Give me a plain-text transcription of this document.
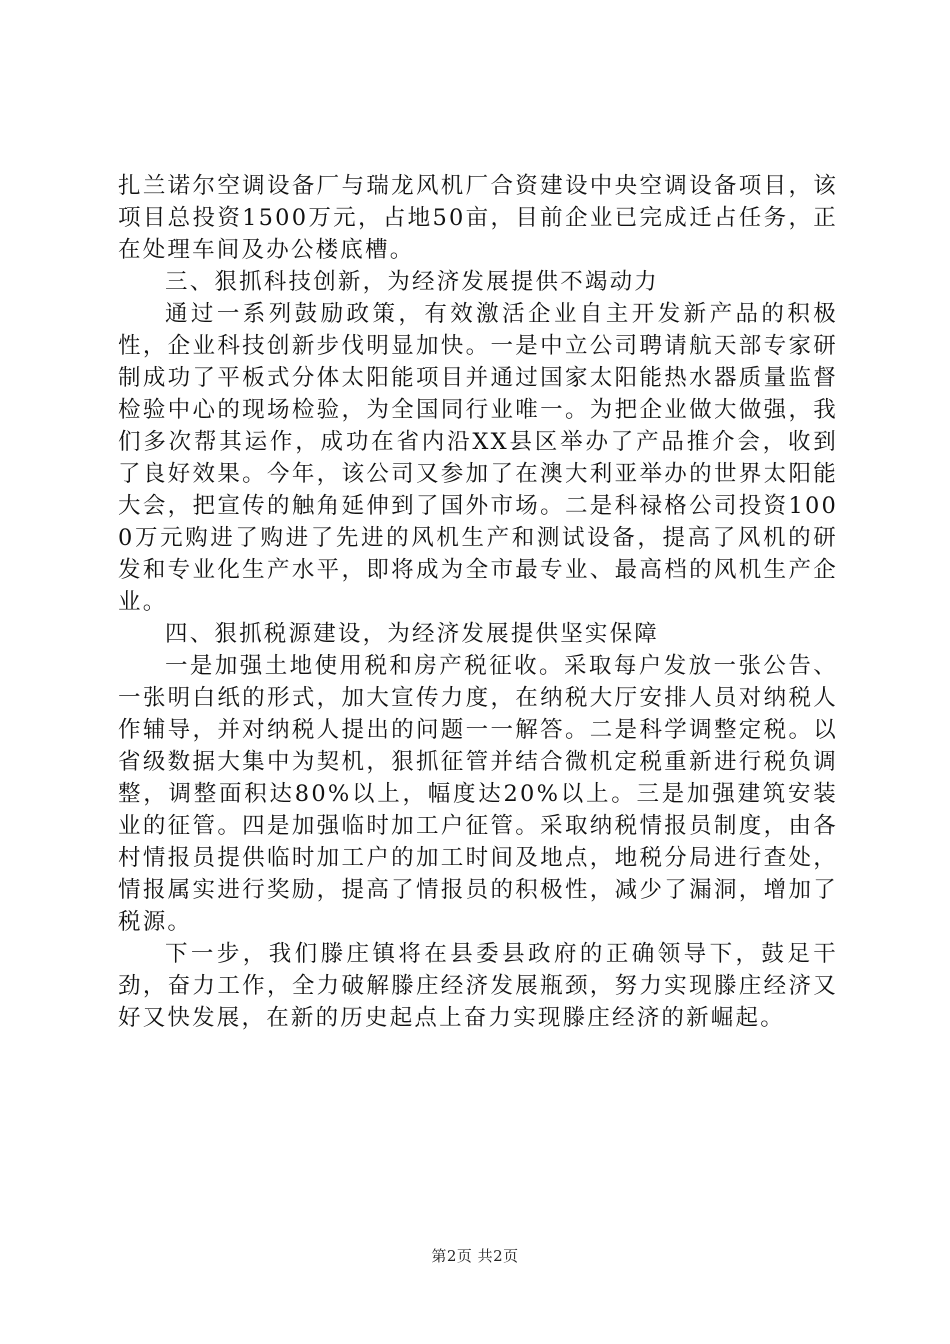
扎兰诺尔空调设备厂与瑞龙风机厂合资建设中央空调设备项目，该项目总投资1500万元，占地50亩，目前企业已完成迁占任务，正在处理车间及办公楼底槽。

三、狠抓科技创新，为经济发展提供不竭动力

通过一系列鼓励政策，有效激活企业自主开发新产品的积极性，企业科技创新步伐明显加快。一是中立公司聘请航天部专家研制成功了平板式分体太阳能项目并通过国家太阳能热水器质量监督检验中心的现场检验，为全国同行业唯一。为把企业做大做强，我们多次帮其运作，成功在省内沿XX县区举办了产品推介会，收到了良好效果。今年，该公司又参加了在澳大利亚举办的世界太阳能大会，把宣传的触角延伸到了国外市场。二是科禄格公司投资1000万元购进了购进了先进的风机生产和测试设备，提高了风机的研发和专业化生产水平，即将成为全市最专业、最高档的风机生产企业。

四、狠抓税源建设，为经济发展提供坚实保障

一是加强土地使用税和房产税征收。采取每户发放一张公告、一张明白纸的形式，加大宣传力度，在纳税大厅安排人员对纳税人作辅导，并对纳税人提出的问题一一解答。二是科学调整定税。以省级数据大集中为契机，狠抓征管并结合微机定税重新进行税负调整，调整面积达80%以上，幅度达20%以上。三是加强建筑安装业的征管。四是加强临时加工户征管。采取纳税情报员制度，由各村情报员提供临时加工户的加工时间及地点，地税分局进行查处，情报属实进行奖励，提高了情报员的积极性，减少了漏洞，增加了税源。

下一步，我们滕庄镇将在县委县政府的正确领导下，鼓足干劲，奋力工作，全力破解滕庄经济发展瓶颈，努力实现滕庄经济又好又快发展，在新的历史起点上奋力实现滕庄经济的新崛起。

第2页 共2页
